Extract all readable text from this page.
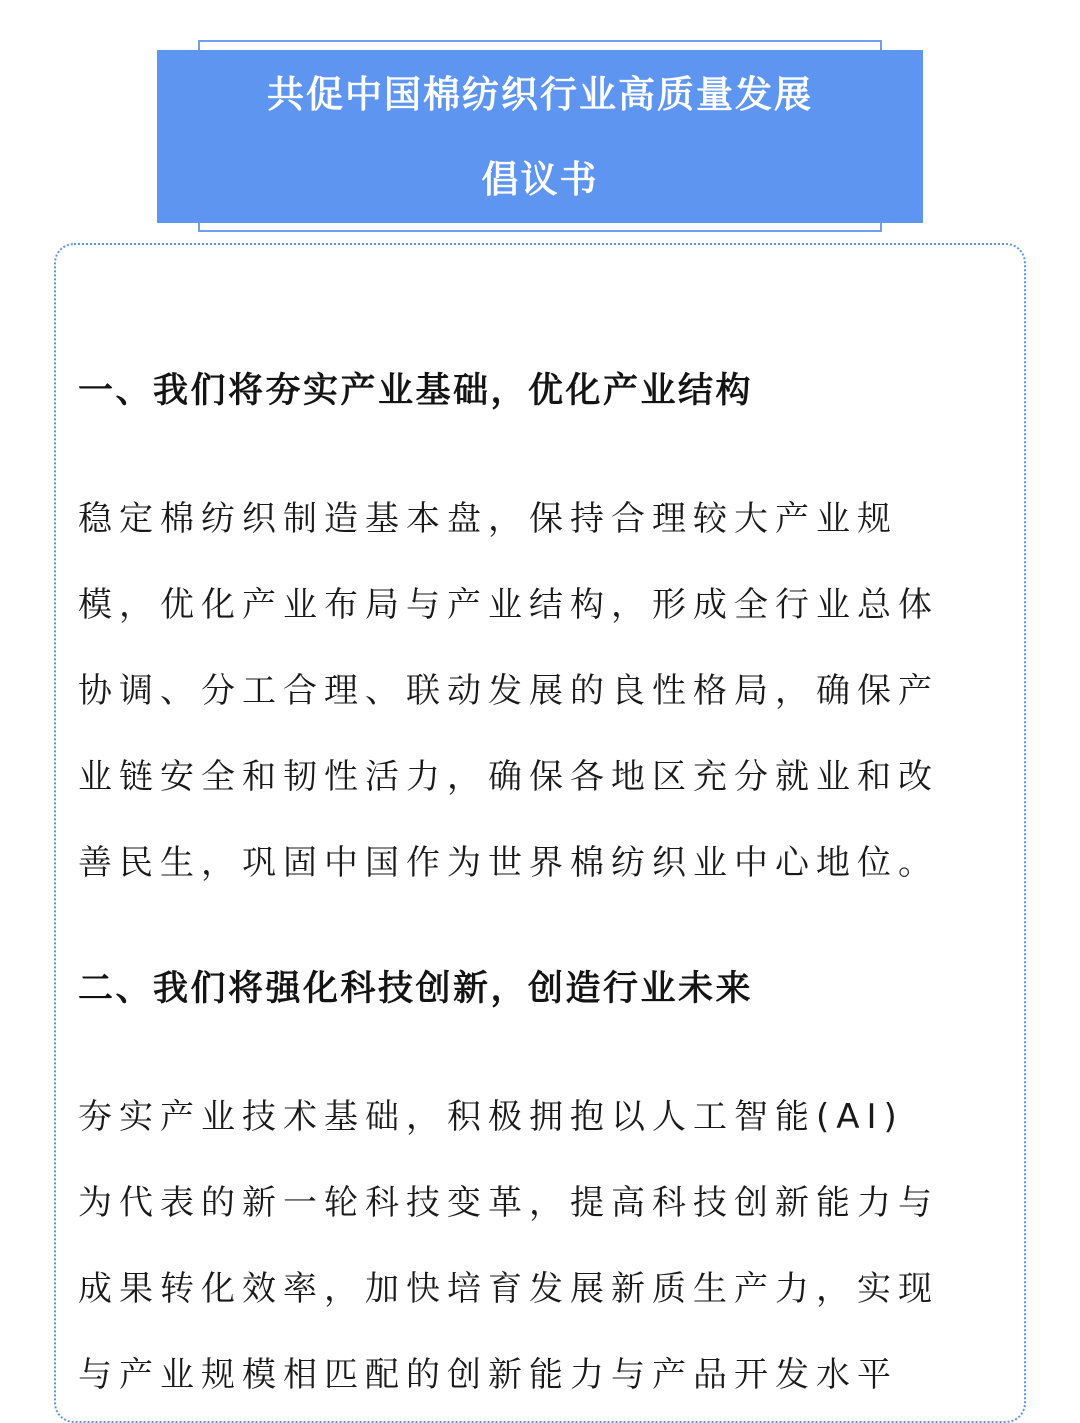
共促中国棉纺织行业高质量发展
倡议书
一、我们将夯实产业基础，优化产业结构
稳定棉纺织制造基本盘，保持合理较大产业规
模，优化产业布局与产业结构，形成全行业总体
协调、分工合理、联动发展的良性格局，确保产
业链安全和韧性活力，确保各地区充分就业和改
善民生，巩固中国作为世界棉纺织业中心地位。
二、我们将强化科技创新，创造行业未来
夯实产业技术基础，积极拥抱以人工智能(AI)
为代表的新一轮科技变革，提高科技创新能力与
成果转化效率，加快培育发展新质生产力，实现
与产业规模相匹配的创新能力与产品开发水平
